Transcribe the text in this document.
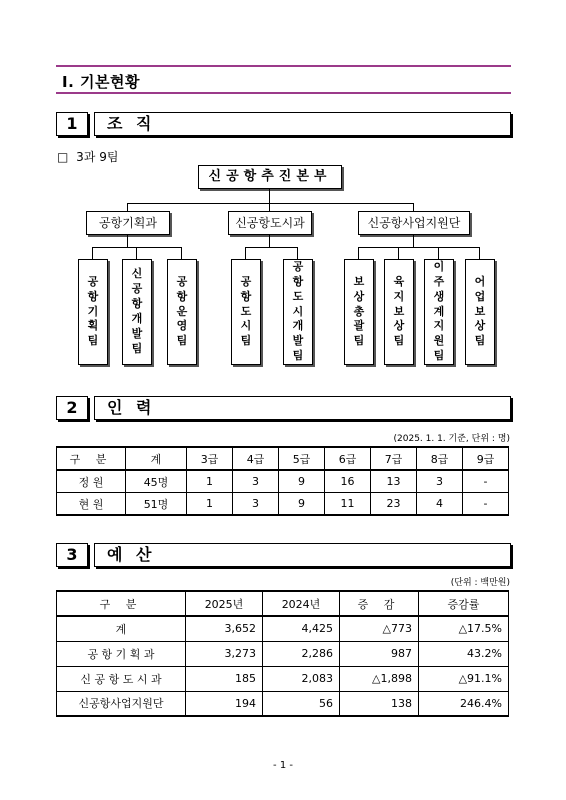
Ⅰ. 기본현황
1	조 직
□ 3과 9팀
신공항추진본부
공항기획과	신공항도시과	신공항사업지원단
공
항
기
획
팀
신
공
항
개
발
팀
공
항
운
영
팀
공
항
도
시
팀
공
항
도
시
개
발
팀
보
상
총
괄
팀
육
지
보
상
팀
이
주
생
계
지
원
팀
어
업
보
상
팀
2	인 력
(2025. 1. 1. 기준, 단위 : 명)
구 분	계	3급	4급	5급	6급	7급	8급	9급
정 원	45명	1	3	9	16	13	3	-
현 원	51명	1	3	9	11	23	4	-
3	예 산
(단위 : 백만원)
구 분	2025년	2024년	증 감	증감률
계	3,652	4,425	△773	△17.5%
공 항 기 획 과	3,273	2,286	987	43.2%
신 공 항 도 시 과	185	2,083	△1,898	△91.1%
신공항사업지원단	194	56	138	246.4%
- 1 -
